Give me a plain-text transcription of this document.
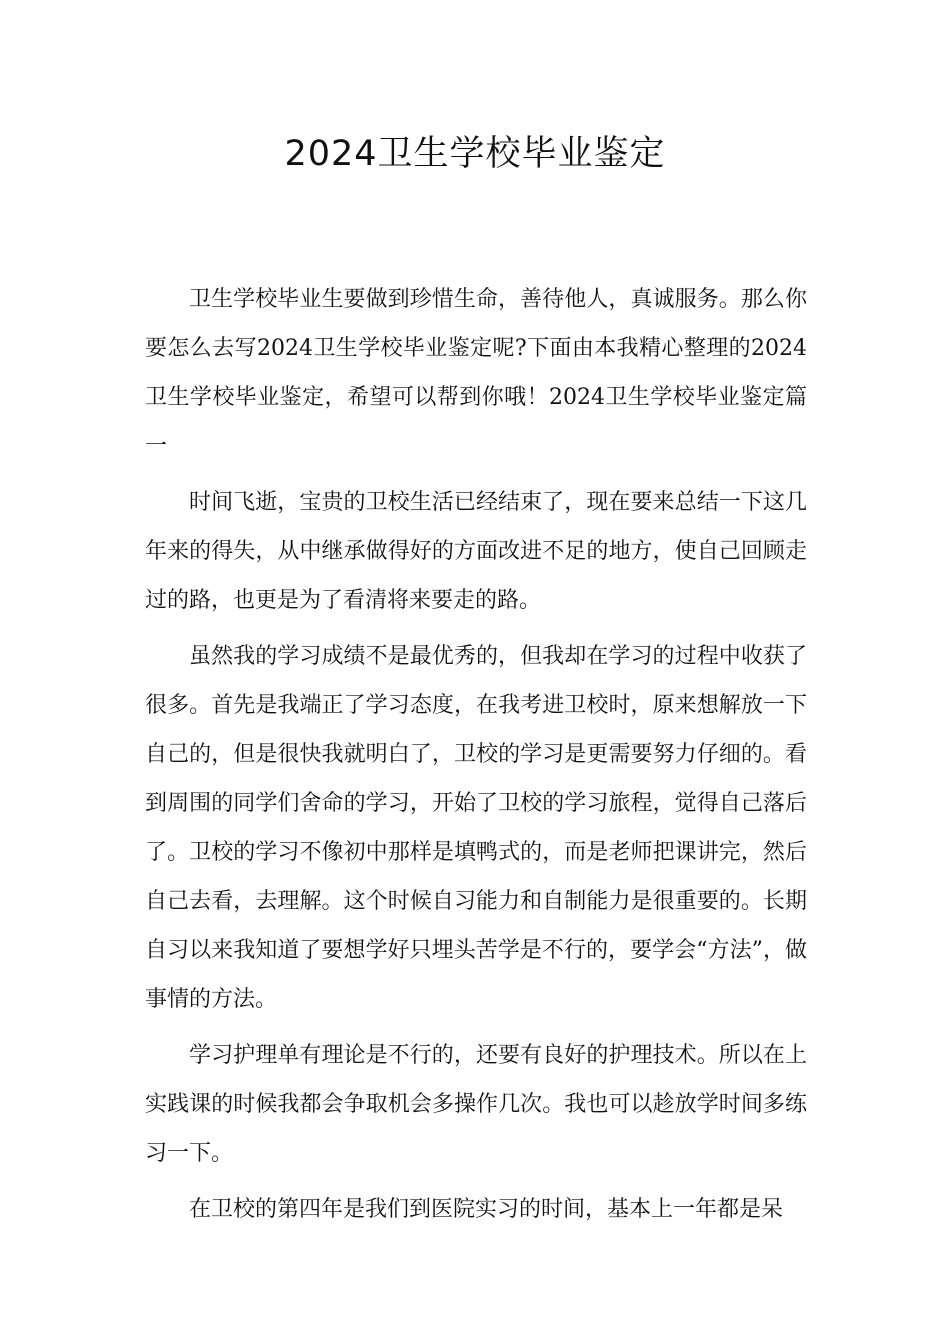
2024卫生学校毕业鉴定

卫生学校毕业生要做到珍惜生命，善待他人，真诚服务。那么你要怎么去写2024卫生学校毕业鉴定呢?下面由本我精心整理的2024卫生学校毕业鉴定，希望可以帮到你哦！2024卫生学校毕业鉴定篇一

时间飞逝，宝贵的卫校生活已经结束了，现在要来总结一下这几年来的得失，从中继承做得好的方面改进不足的地方，使自己回顾走过的路，也更是为了看清将来要走的路。

虽然我的学习成绩不是最优秀的，但我却在学习的过程中收获了很多。首先是我端正了学习态度，在我考进卫校时，原来想解放一下自己的，但是很快我就明白了，卫校的学习是更需要努力仔细的。看到周围的同学们舍命的学习，开始了卫校的学习旅程，觉得自己落后了。卫校的学习不像初中那样是填鸭式的，而是老师把课讲完，然后自己去看，去理解。这个时候自习能力和自制能力是很重要的。长期自习以来我知道了要想学好只埋头苦学是不行的，要学会“方法”，做事情的方法。

学习护理单有理论是不行的，还要有良好的护理技术。所以在上实践课的时候我都会争取机会多操作几次。我也可以趁放学时间多练习一下。

在卫校的第四年是我们到医院实习的时间，基本上一年都是呆
